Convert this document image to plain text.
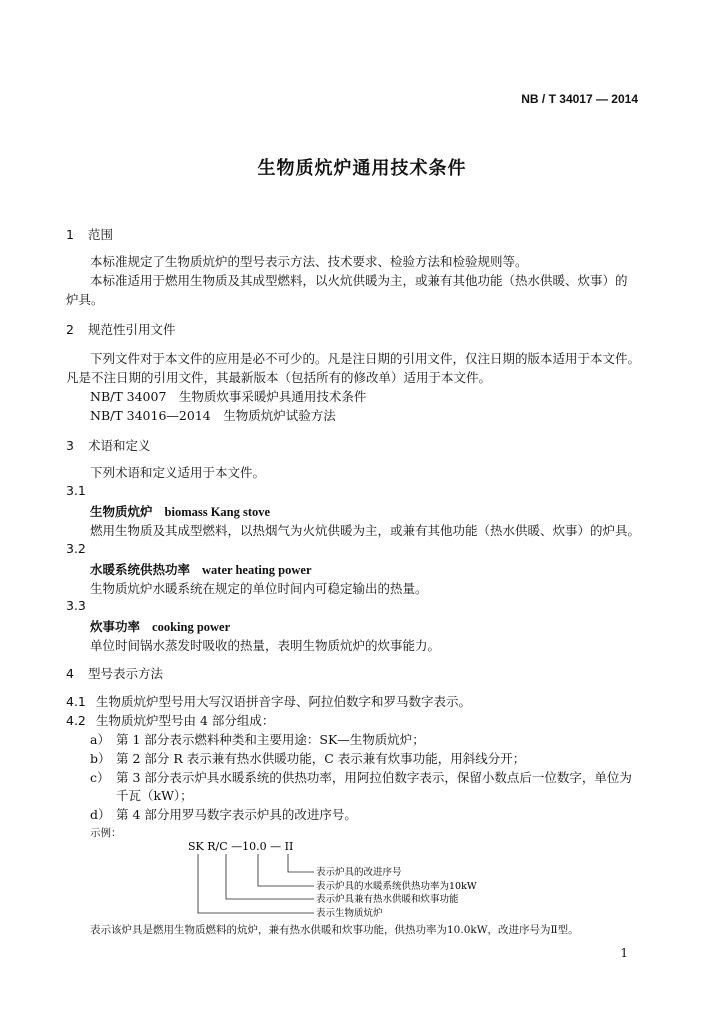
NB / T 34017 — 2014
生物质炕炉通用技术条件
1 范围
本标准规定了生物质炕炉的型号表示方法、技术要求、检验方法和检验规则等。
本标准适用于燃用生物质及其成型燃料，以火炕供暖为主，或兼有其他功能（热水供暖、炊事）的
炉具。
2 规范性引用文件
下列文件对于本文件的应用是必不可少的。凡是注日期的引用文件，仅注日期的版本适用于本文件。
凡是不注日期的引用文件，其最新版本（包括所有的修改单）适用于本文件。
NB/T 34007　生物质炊事采暖炉具通用技术条件
NB/T 34016—2014　生物质炕炉试验方法
3 术语和定义
下列术语和定义适用于本文件。
3.1
生物质炕炉 biomass Kang stove
燃用生物质及其成型燃料，以热烟气为火炕供暖为主，或兼有其他功能（热水供暖、炊事）的炉具。
3.2
水暖系统供热功率 water heating power
生物质炕炉水暖系统在规定的单位时间内可稳定输出的热量。
3.3
炊事功率 cooking power
单位时间锅水蒸发时吸收的热量，表明生物质炕炉的炊事能力。
4 型号表示方法
4.1 生物质炕炉型号用大写汉语拼音字母、阿拉伯数字和罗马数字表示。
4.2 生物质炕炉型号由 4 部分组成：
a） 第 1 部分表示燃料种类和主要用途：SK—生物质炕炉；
b） 第 2 部分 R 表示兼有热水供暖功能，C 表示兼有炊事功能，用斜线分开；
c） 第 3 部分表示炉具水暖系统的供热功率，用阿拉伯数字表示，保留小数点后一位数字，单位为
千瓦（kW）；
d） 第 4 部分用罗马数字表示炉具的改进序号。
示例：
SK R/C —10.0 — II
表示炉具的改进序号
表示炉具的水暖系统供热功率为10kW
表示炉具兼有热水供暖和炊事功能
表示生物质炕炉
表示该炉具是燃用生物质燃料的炕炉，兼有热水供暖和炊事功能，供热功率为10.0kW，改进序号为Ⅱ型。
1
